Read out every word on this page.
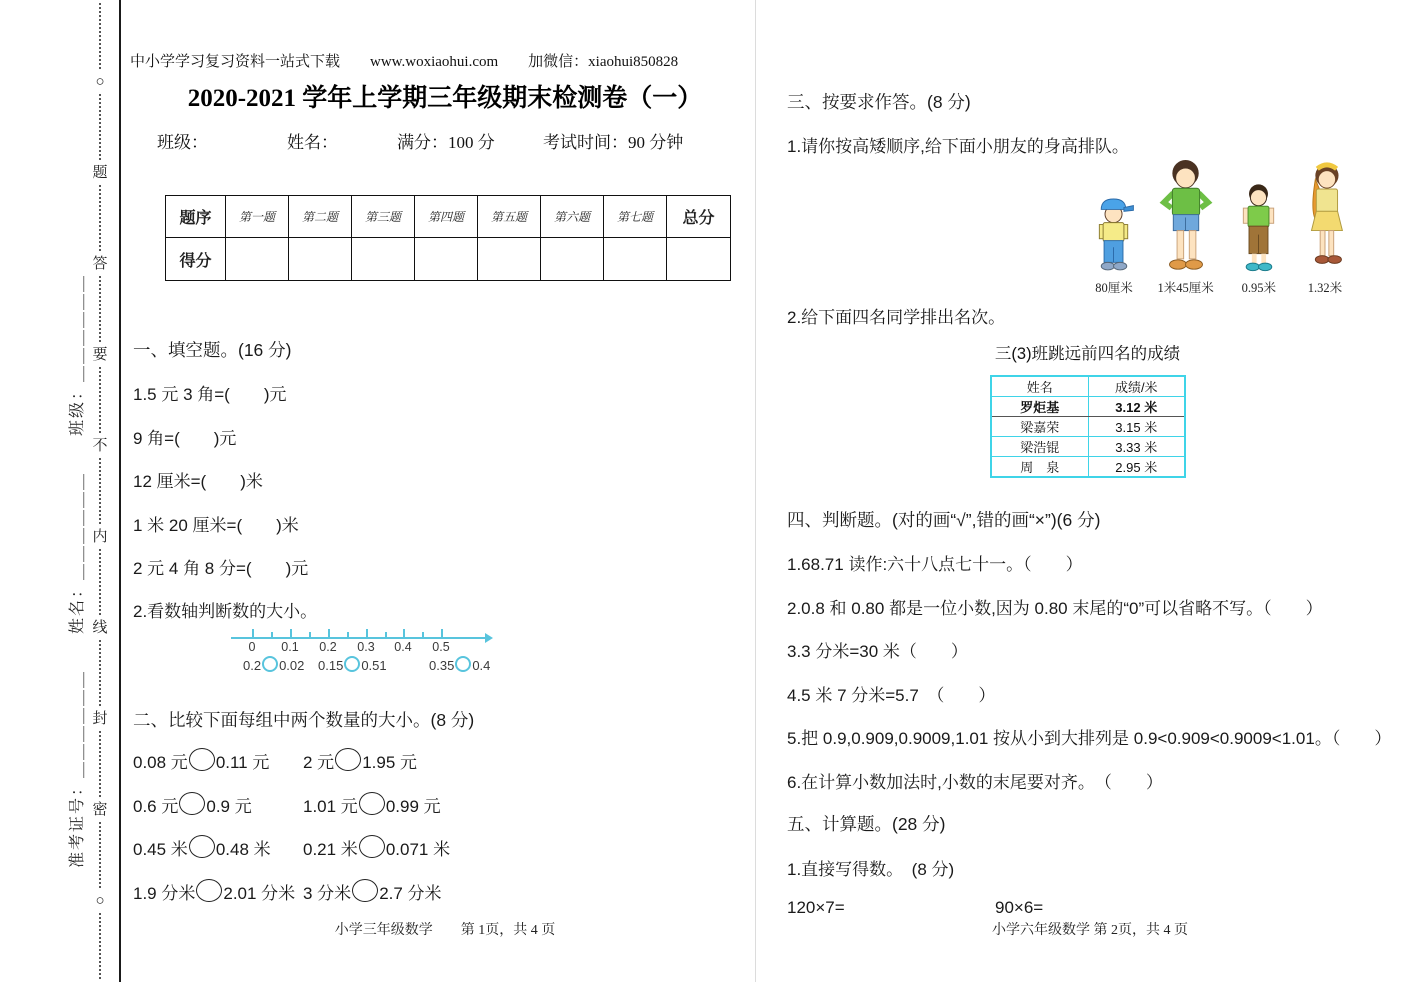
准考证号：＿＿＿＿＿＿　　姓名：＿＿＿＿＿＿　　班级：＿＿＿＿＿＿
○
题
答
要
不
内
线
封
密
○
中小学学习复习资料一站式下载　　www.woxiaohui.com　　加微信：xiaohui850828
2020-2021 学年上学期三年级期末检测卷（一）
班级：	姓名：	满分：100 分	考试时间：90 分钟
题序	第一题	第二题	第三题	第四题	第五题	第六题	第七题	总分
得分								
一、填空题。(16 分)
1.5 元 3 角=(　　)元
9 角=(　　)元
12 厘米=(　　)米
1 米 20 厘米=(　　)米
2 元 4 角 8 分=(　　)元
2.看数轴判断数的大小。
0	0.1	0.2	0.3	0.4	0.5
0.2 0.02 0.15 0.51	0.35 0.4
二、比较下面每组中两个数量的大小。(8 分)
0.08 元 0.11 元 2 元 1.95 元
0.6 元 0.9 元	1.01 元 0.99 元
0.45 米 0.48 米 0.21 米 0.071 米
1.9 分米 2.01 分米 3 分米 2.7 分米
小学三年级数学　　第 1页，共 4 页
三、按要求作答。(8 分)
1.请你按高矮顺序,给下面小朋友的身高排队。
80厘米 1米45厘米 0.95米	1.32米
2.给下面四名同学排出名次。
三(3)班跳远前四名的成绩
姓名	成绩/米
罗炬基	3.12 米
梁嘉荣	3.15 米
梁浩锟	3.33 米
周　泉	2.95 米
四、判断题。(对的画“√”,错的画“×”)(6 分)
1.68.71 读作:六十八点七十一。（　　）
2.0.8 和 0.80 都是一位小数,因为 0.80 末尾的“0”可以省略不写。（　　）
3.3 分米=30 米（　　）
4.5 米 7 分米=5.7　（　　）
5.把 0.9,0.909,0.9009,1.01 按从小到大排列是 0.9<0.909<0.9009<1.01。（　　）
6.在计算小数加法时,小数的末尾要对齐。　（　　）
五、计算题。(28 分)
1.直接写得数。　(8 分)
120×7=	90×6=
小学六年级数学 第 2页，共 4 页
